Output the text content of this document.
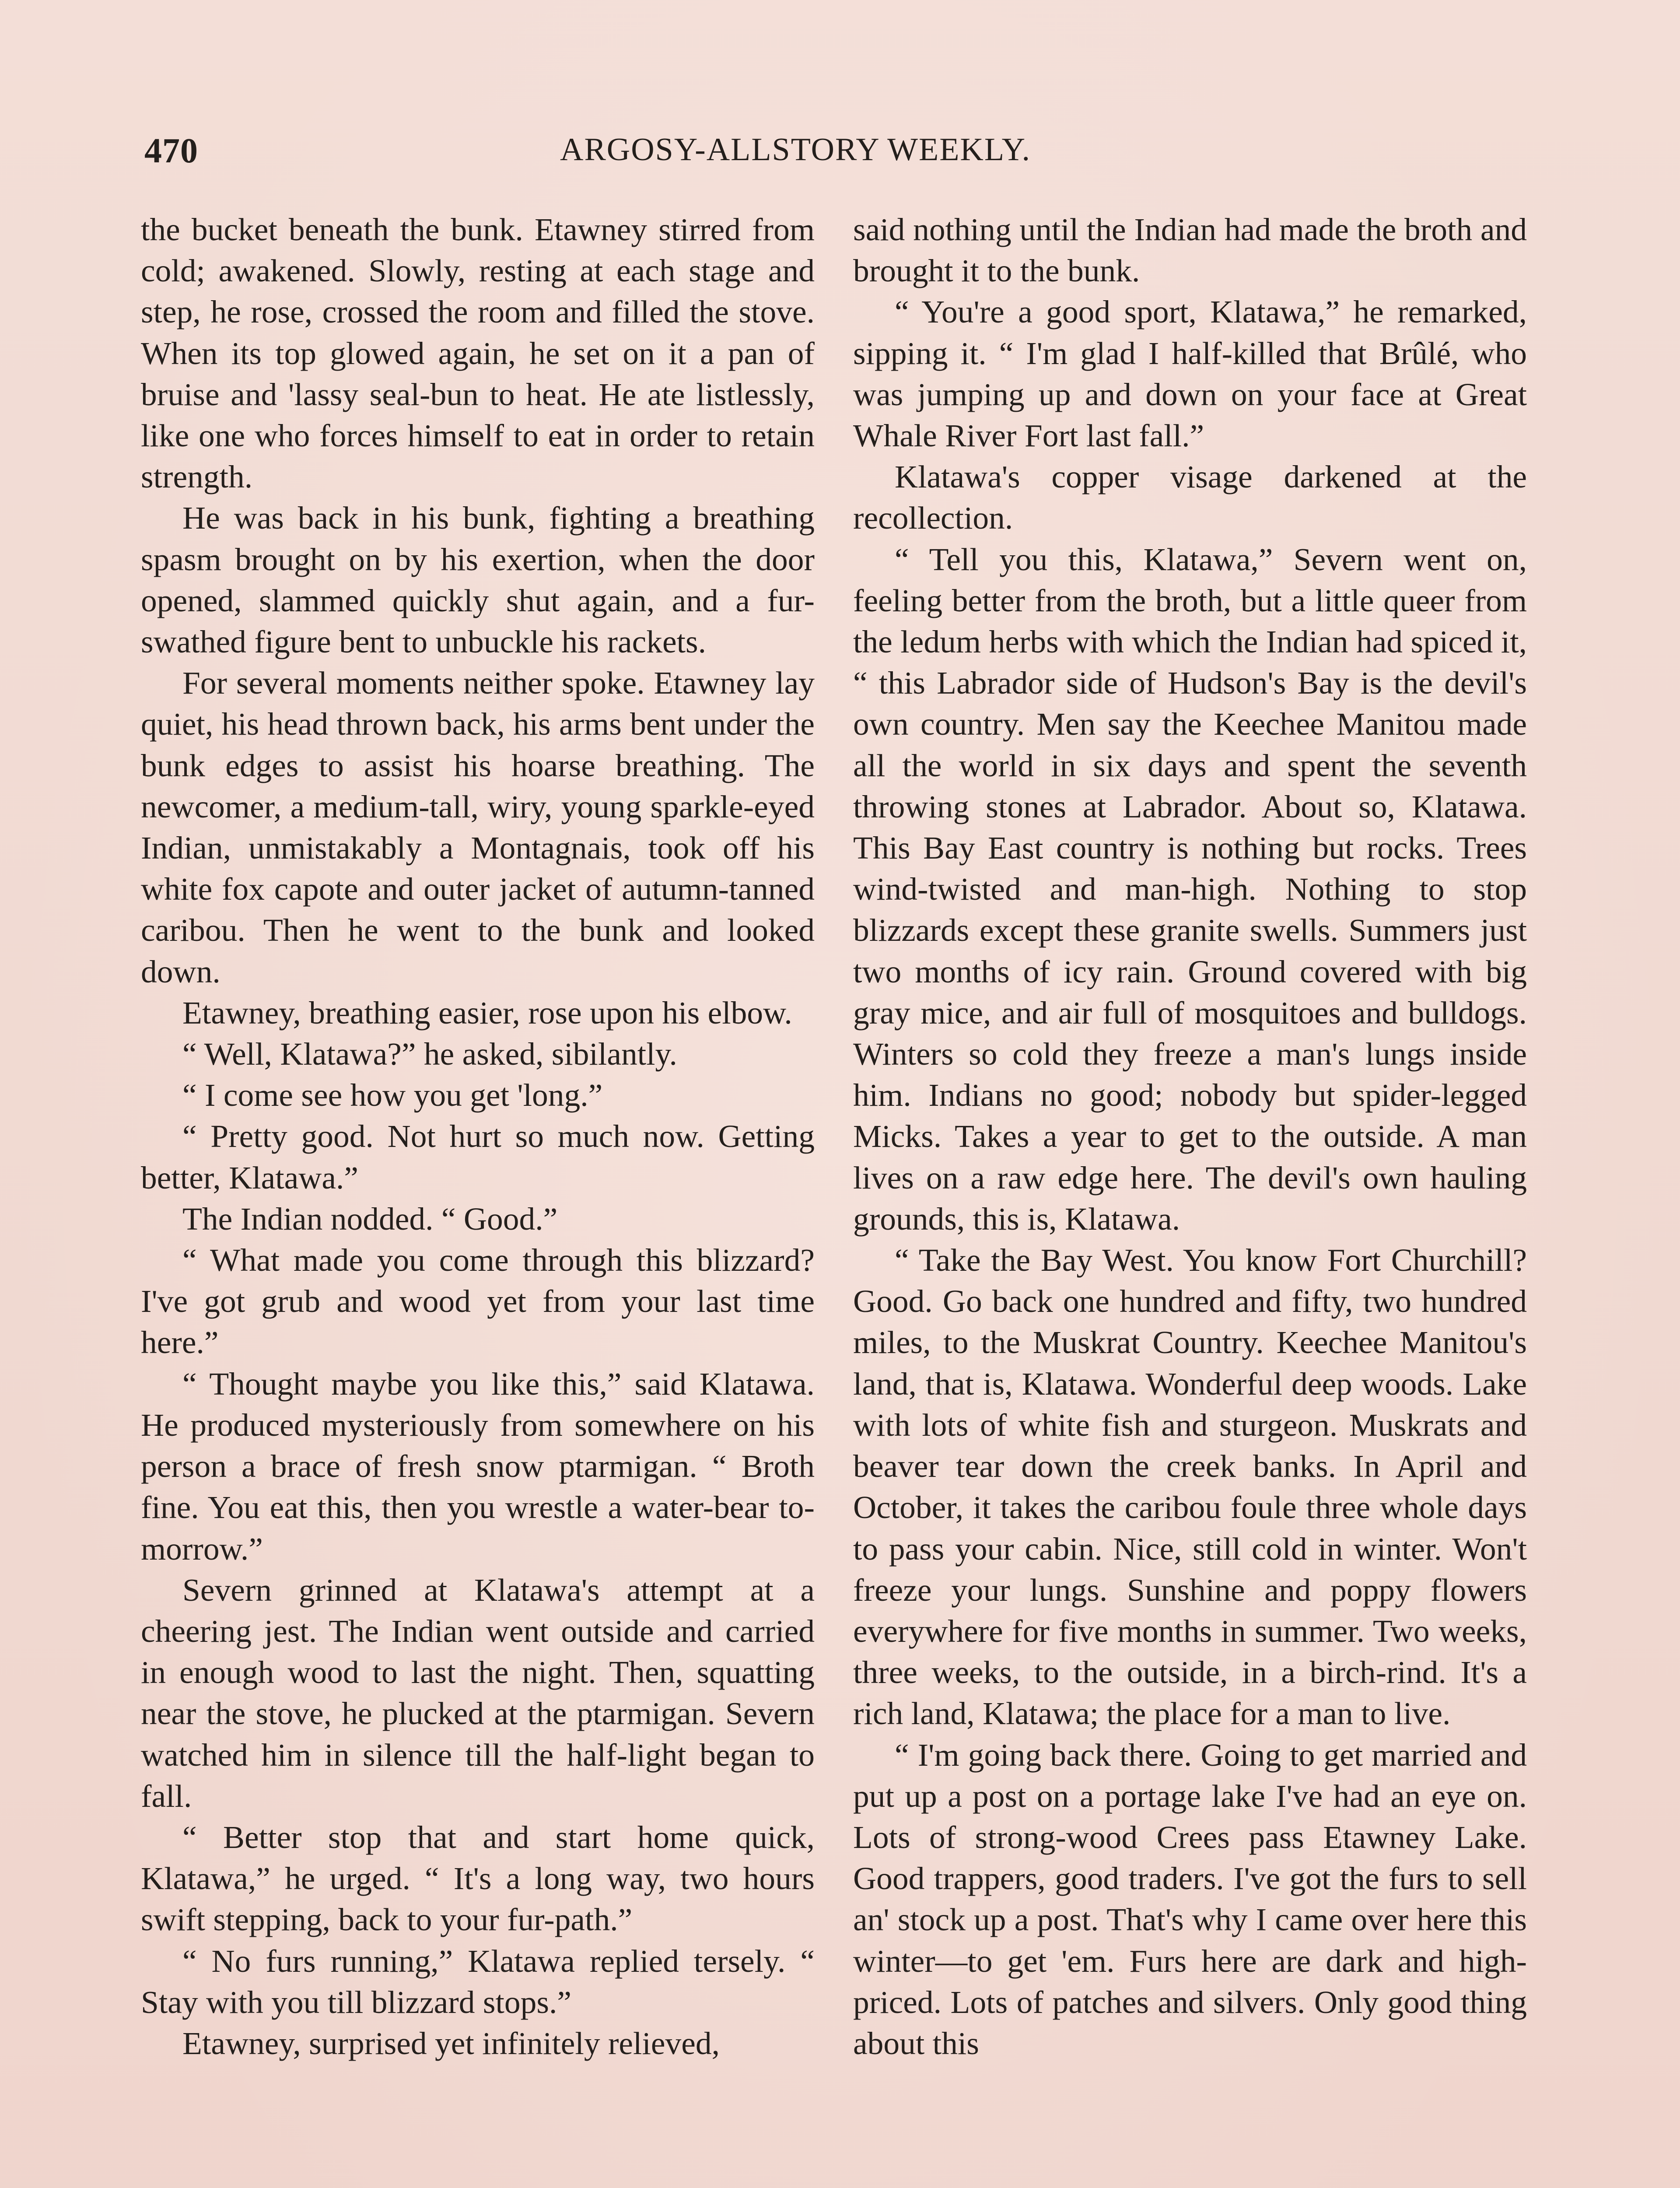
470	ARGOSY-ALLSTORY WEEKLY.

the bucket beneath the bunk. Etawney stirred from cold; awakened. Slowly, resting at each stage and step, he rose, crossed the room and filled the stove. When its top glowed again, he set on it a pan of bruise and 'lassy seal-bun to heat. He ate listlessly, like one who forces himself to eat in order to retain strength.

He was back in his bunk, fighting a breathing spasm brought on by his exertion, when the door opened, slammed quickly shut again, and a fur-swathed figure bent to unbuckle his rackets.

For several moments neither spoke. Etawney lay quiet, his head thrown back, his arms bent under the bunk edges to assist his hoarse breathing. The newcomer, a medium-tall, wiry, young sparkle-eyed Indian, unmistakably a Montagnais, took off his white fox capote and outer jacket of autumn-tanned caribou. Then he went to the bunk and looked down.

Etawney, breathing easier, rose upon his elbow.

“ Well, Klatawa?” he asked, sibilantly.

“ I come see how you get 'long.”

“ Pretty good. Not hurt so much now. Getting better, Klatawa.”

The Indian nodded. “ Good.”

“ What made you come through this blizzard? I've got grub and wood yet from your last time here.”

“ Thought maybe you like this,” said Klatawa. He produced mysteriously from somewhere on his person a brace of fresh snow ptarmigan. “ Broth fine. You eat this, then you wrestle a water-bear to-morrow.”

Severn grinned at Klatawa's attempt at a cheering jest. The Indian went outside and carried in enough wood to last the night. Then, squatting near the stove, he plucked at the ptarmigan. Severn watched him in silence till the half-light began to fall.

“ Better stop that and start home quick, Klatawa,” he urged. “ It's a long way, two hours swift stepping, back to your fur-path.”

“ No furs running,” Klatawa replied tersely. “ Stay with you till blizzard stops.”

Etawney, surprised yet infinitely relieved,

said nothing until the Indian had made the broth and brought it to the bunk.

“ You're a good sport, Klatawa,” he remarked, sipping it. “ I'm glad I half-killed that Brûlé, who was jumping up and down on your face at Great Whale River Fort last fall.”

Klatawa's copper visage darkened at the recollection.

“ Tell you this, Klatawa,” Severn went on, feeling better from the broth, but a little queer from the ledum herbs with which the Indian had spiced it, “ this Labrador side of Hudson's Bay is the devil's own country. Men say the Keechee Manitou made all the world in six days and spent the seventh throwing stones at Labrador. About so, Klatawa. This Bay East country is nothing but rocks. Trees wind-twisted and man-high. Nothing to stop blizzards except these granite swells. Summers just two months of icy rain. Ground covered with big gray mice, and air full of mosquitoes and bulldogs. Winters so cold they freeze a man's lungs inside him. Indians no good; nobody but spider-legged Micks. Takes a year to get to the outside. A man lives on a raw edge here. The devil's own hauling grounds, this is, Klatawa.

“ Take the Bay West. You know Fort Churchill? Good. Go back one hundred and fifty, two hundred miles, to the Muskrat Country. Keechee Manitou's land, that is, Klatawa. Wonderful deep woods. Lake with lots of white fish and sturgeon. Muskrats and beaver tear down the creek banks. In April and October, it takes the caribou foule three whole days to pass your cabin. Nice, still cold in winter. Won't freeze your lungs. Sunshine and poppy flowers everywhere for five months in summer. Two weeks, three weeks, to the outside, in a birch-rind. It's a rich land, Klatawa; the place for a man to live.

“ I'm going back there. Going to get married and put up a post on a portage lake I've had an eye on. Lots of strong-wood Crees pass Etawney Lake. Good trappers, good traders. I've got the furs to sell an' stock up a post. That's why I came over here this winter—to get 'em. Furs here are dark and high-priced. Lots of patches and silvers. Only good thing about this
